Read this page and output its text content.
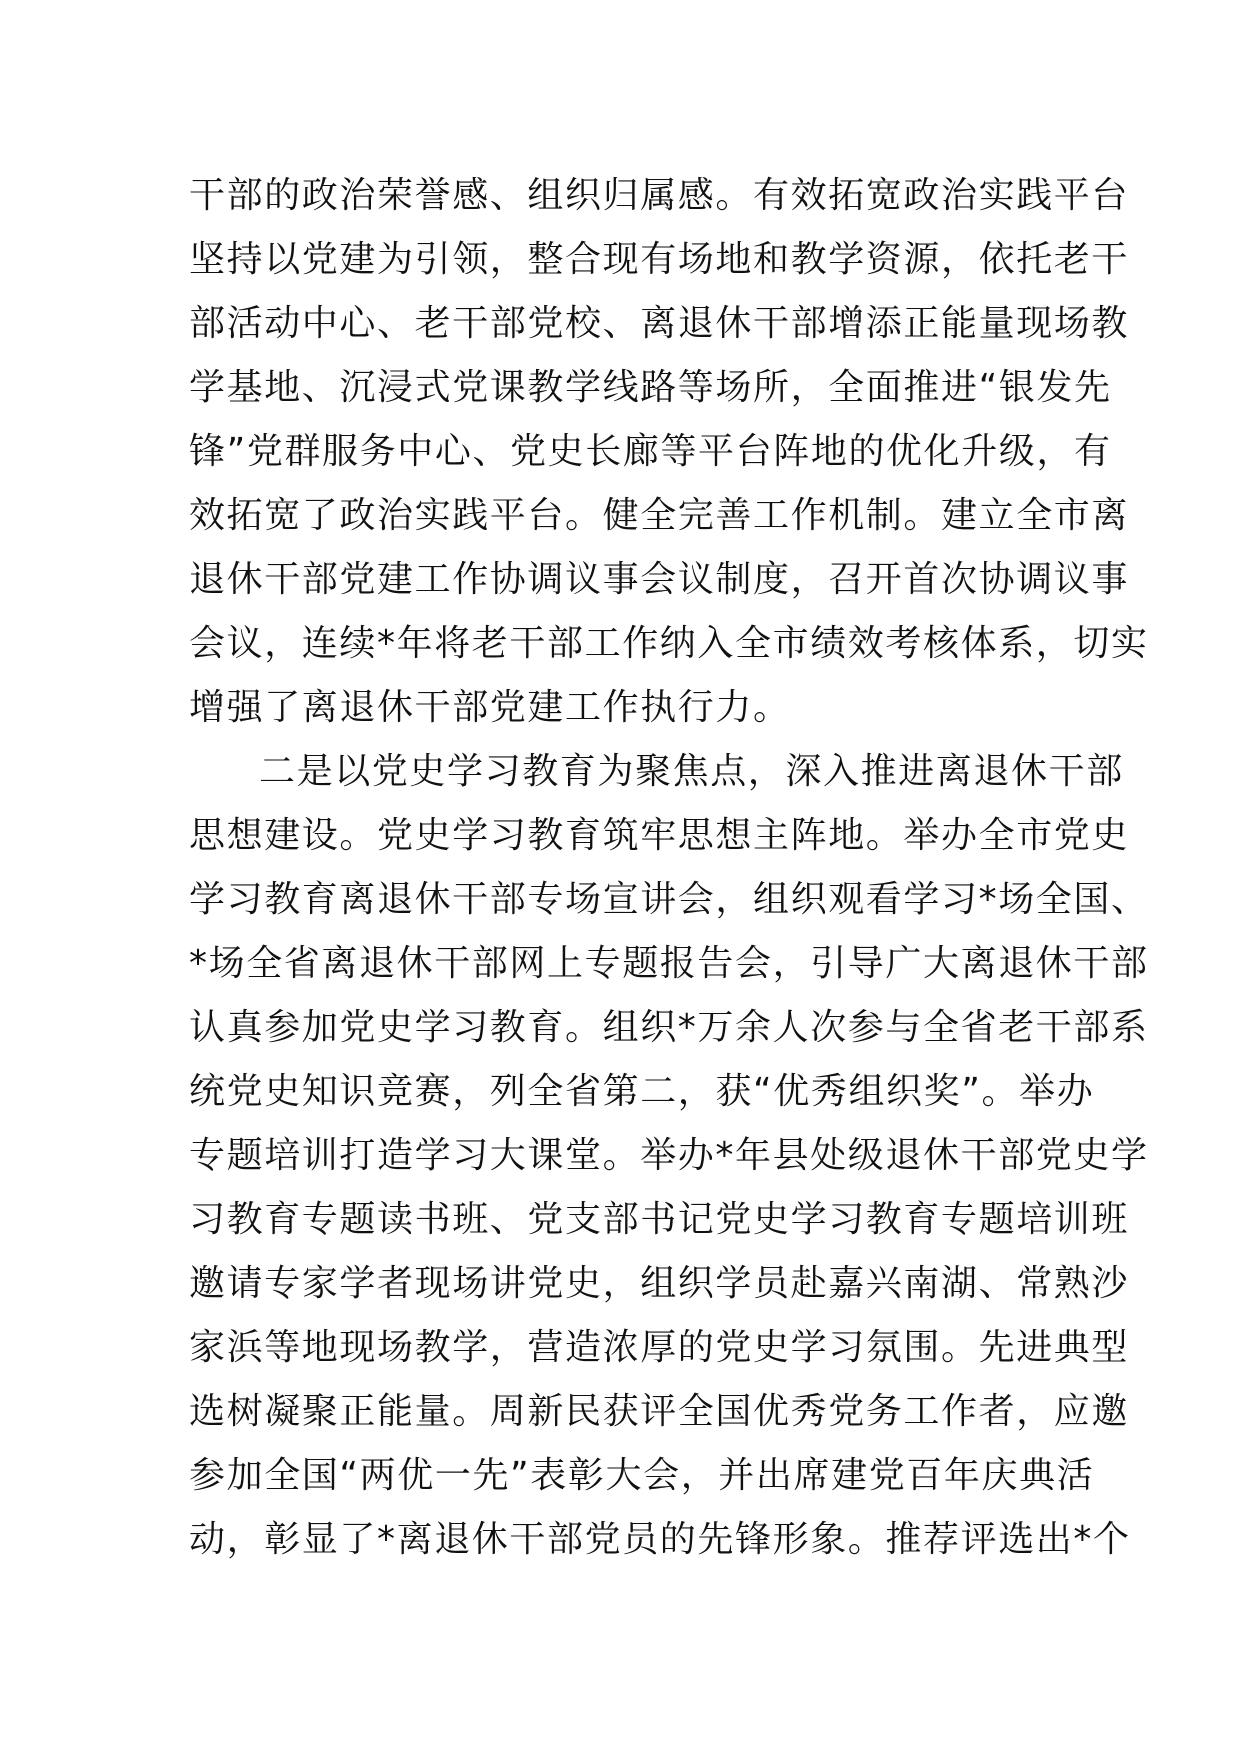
干部的政治荣誉感、组织归属感。有效拓宽政治实践平台
坚持以党建为引领，整合现有场地和教学资源，依托老干
部活动中心、老干部党校、离退休干部增添正能量现场教
学基地、沉浸式党课教学线路等场所，全面推进“银发先
锋”党群服务中心、党史长廊等平台阵地的优化升级，有
效拓宽了政治实践平台。健全完善工作机制。建立全市离
退休干部党建工作协调议事会议制度，召开首次协调议事
会议，连续*年将老干部工作纳入全市绩效考核体系，切实
增强了离退休干部党建工作执行力。
二是以党史学习教育为聚焦点，深入推进离退休干部
思想建设。党史学习教育筑牢思想主阵地。举办全市党史
学习教育离退休干部专场宣讲会，组织观看学习*场全国、
*场全省离退休干部网上专题报告会，引导广大离退休干部
认真参加党史学习教育。组织*万余人次参与全省老干部系
统党史知识竞赛，列全省第二，获“优秀组织奖”。举办
专题培训打造学习大课堂。举办*年县处级退休干部党史学
习教育专题读书班、党支部书记党史学习教育专题培训班
邀请专家学者现场讲党史，组织学员赴嘉兴南湖、常熟沙
家浜等地现场教学，营造浓厚的党史学习氛围。先进典型
选树凝聚正能量。周新民获评全国优秀党务工作者，应邀
参加全国“两优一先”表彰大会，并出席建党百年庆典活
动，彰显了*离退休干部党员的先锋形象。推荐评选出*个
